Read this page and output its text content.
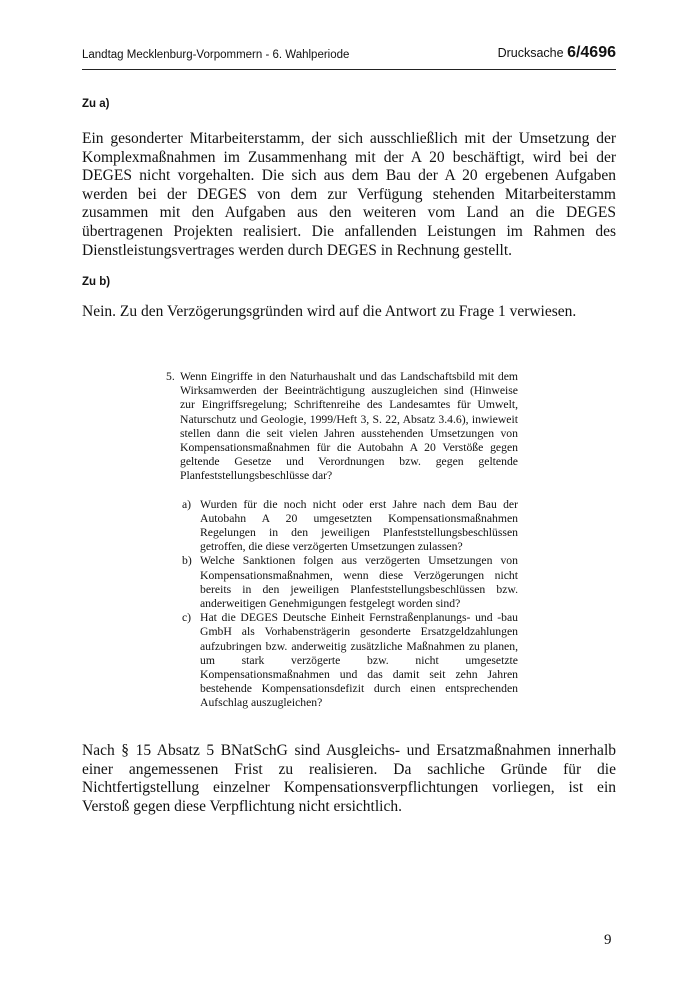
Landtag Mecklenburg-Vorpommern - 6. Wahlperiode	Drucksache 6/4696
Zu a)

Ein gesonderter Mitarbeiterstamm, der sich ausschließlich mit der Umsetzung der Komplexmaßnahmen im Zusammenhang mit der A 20 beschäftigt, wird bei der DEGES nicht vorgehalten. Die sich aus dem Bau der A 20 ergebenen Aufgaben werden bei der DEGES von dem zur Verfügung stehenden Mitarbeiterstamm zusammen mit den Aufgaben aus den weiteren vom Land an die DEGES übertragenen Projekten realisiert. Die anfallenden Leistungen im Rahmen des Dienstleistungsvertrages werden durch DEGES in Rechnung gestellt.

Zu b)

Nein. Zu den Verzögerungsgründen wird auf die Antwort zu Frage 1 verwiesen.

5. Wenn Eingriffe in den Naturhaushalt und das Landschaftsbild mit dem Wirksamwerden der Beeinträchtigung auszugleichen sind (Hinweise zur Eingriffsregelung; Schriftenreihe des Landesamtes für Umwelt, Naturschutz und Geologie, 1999/Heft 3, S. 22, Absatz 3.4.6), inwieweit stellen dann die seit vielen Jahren ausstehenden Umsetzungen von Kompensationsmaßnahmen für die Autobahn A 20 Verstöße gegen geltende Gesetze und Verordnungen bzw. gegen geltende Planfeststellungsbeschlüsse dar?
a) Wurden für die noch nicht oder erst Jahre nach dem Bau der Autobahn A 20 umgesetzten Kompensationsmaßnahmen Regelungen in den jeweiligen Planfeststellungsbeschlüssen getroffen, die diese verzögerten Umsetzungen zulassen?
b) Welche Sanktionen folgen aus verzögerten Umsetzungen von Kompensationsmaßnahmen, wenn diese Verzögerungen nicht bereits in den jeweiligen Planfeststellungsbeschlüssen bzw. anderweitigen Genehmigungen festgelegt worden sind?
c) Hat die DEGES Deutsche Einheit Fernstraßenplanungs- und -bau GmbH als Vorhabensträgerin gesonderte Ersatzgeldzahlungen aufzubringen bzw. anderweitig zusätzliche Maßnahmen zu planen, um stark verzögerte bzw. nicht umgesetzte Kompensationsmaßnahmen und das damit seit zehn Jahren bestehende Kompensationsdefizit durch einen entsprechenden Aufschlag auszugleichen?

Nach § 15 Absatz 5 BNatSchG sind Ausgleichs- und Ersatzmaßnahmen innerhalb einer angemessenen Frist zu realisieren. Da sachliche Gründe für die Nichtfertigstellung einzelner Kompensationsverpflichtungen vorliegen, ist ein Verstoß gegen diese Verpflichtung nicht ersichtlich.

9
